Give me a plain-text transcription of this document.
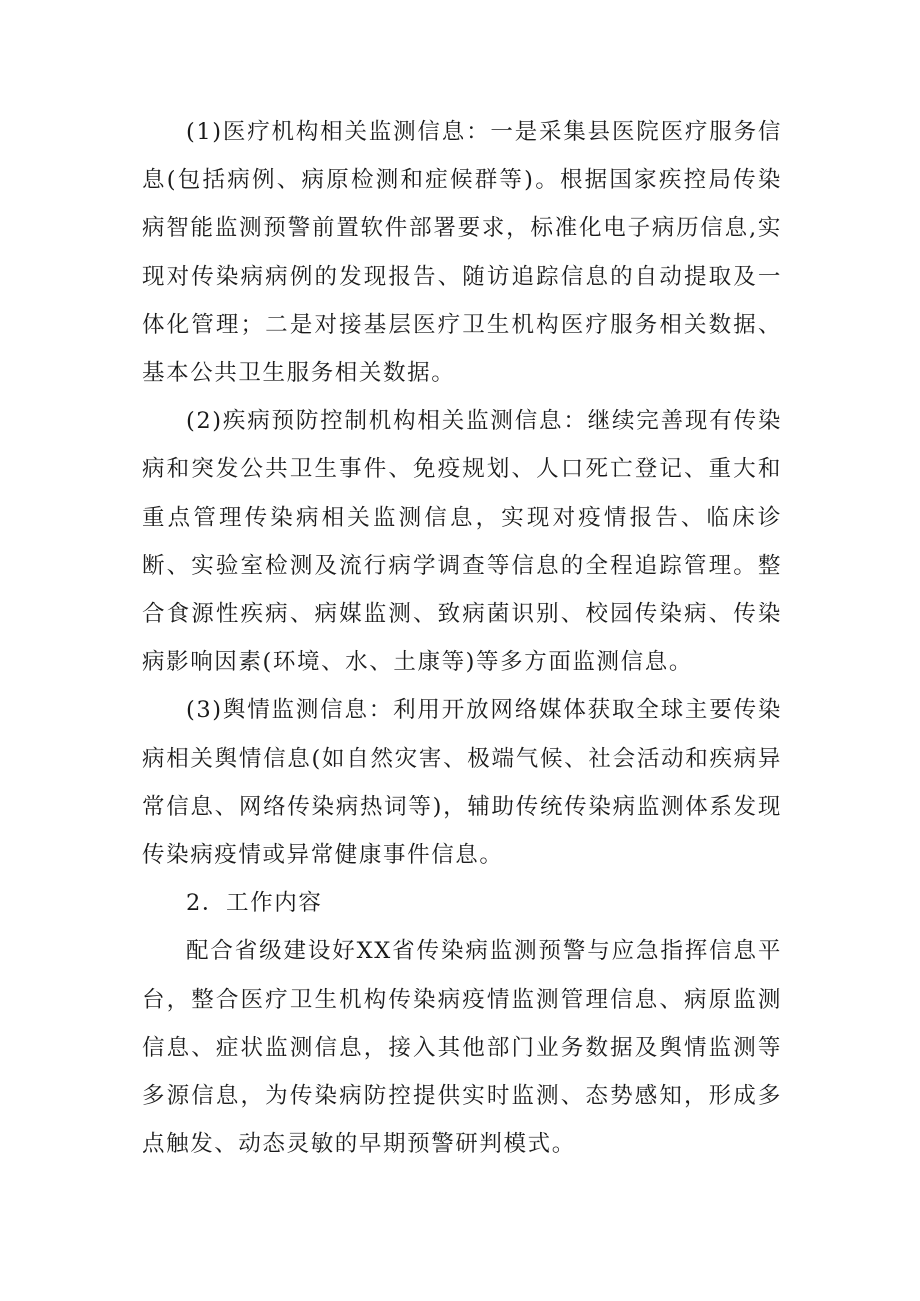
(1)医疗机构相关监测信息：一是采集县医院医疗服务信息(包括病例、病原检测和症候群等)。根据国家疾控局传染病智能监测预警前置软件部署要求，标准化电子病历信息,实现对传染病病例的发现报告、随访追踪信息的自动提取及一体化管理；二是对接基层医疗卫生机构医疗服务相关数据、基本公共卫生服务相关数据。

(2)疾病预防控制机构相关监测信息：继续完善现有传染病和突发公共卫生事件、免疫规划、人口死亡登记、重大和重点管理传染病相关监测信息，实现对疫情报告、临床诊断、实验室检测及流行病学调查等信息的全程追踪管理。整合食源性疾病、病媒监测、致病菌识别、校园传染病、传染病影响因素(环境、水、土康等)等多方面监测信息。

(3)舆情监测信息：利用开放网络媒体获取全球主要传染病相关舆情信息(如自然灾害、极端气候、社会活动和疾病异常信息、网络传染病热词等)，辅助传统传染病监测体系发现传染病疫情或异常健康事件信息。

2．工作内容

配合省级建设好XX省传染病监测预警与应急指挥信息平台，整合医疗卫生机构传染病疫情监测管理信息、病原监测信息、症状监测信息，接入其他部门业务数据及舆情监测等多源信息，为传染病防控提供实时监测、态势感知，形成多点触发、动态灵敏的早期预警研判模式。
